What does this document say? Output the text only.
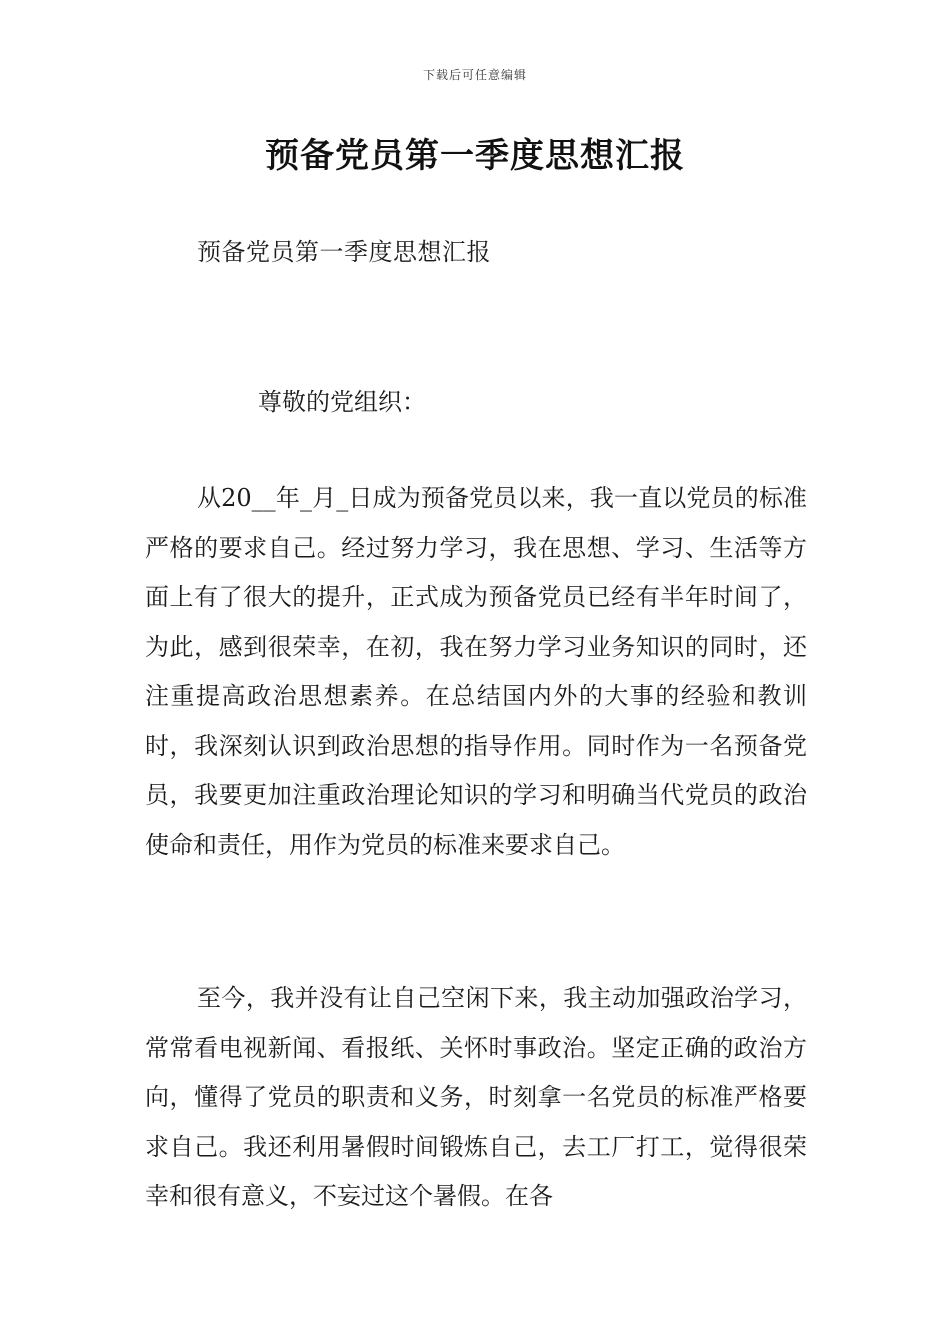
下载后可任意编辑
预备党员第一季度思想汇报
预备党员第一季度思想汇报
尊敬的党组织：

从20__年_月_日成为预备党员以来，我一直以党员的标准严格的要求自己。经过努力学习，我在思想、学习、生活等方面上有了很大的提升，正式成为预备党员已经有半年时间了，为此，感到很荣幸，在初，我在努力学习业务知识的同时，还注重提高政治思想素养。在总结国内外的大事的经验和教训时，我深刻认识到政治思想的指导作用。同时作为一名预备党员，我要更加注重政治理论知识的学习和明确当代党员的政治使命和责任，用作为党员的标准来要求自己。

至今，我并没有让自己空闲下来，我主动加强政治学习，常常看电视新闻、看报纸、关怀时事政治。坚定正确的政治方向，懂得了党员的职责和义务，时刻拿一名党员的标准严格要求自己。我还利用暑假时间锻炼自己，去工厂打工，觉得很荣幸和很有意义，不妄过这个暑假。在各
